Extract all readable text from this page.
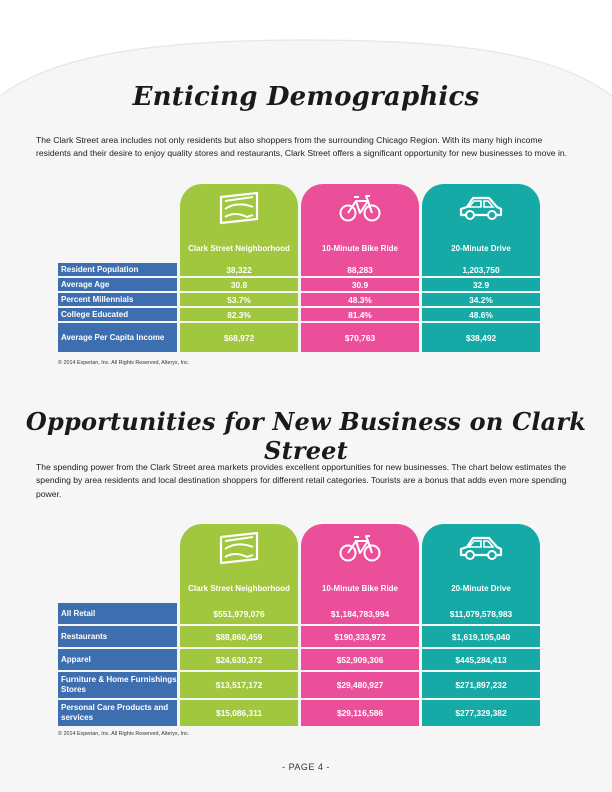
Enticing Demographics
The Clark Street area includes not only residents but also shoppers from the surrounding Chicago Region. With its many high income residents and their desire to enjoy quality stores and restaurants, Clark Street offers a significant opportunity for new businesses to move in.
Clark Street Neighborhood	10-Minute Bike Ride	20-Minute Drive
Resident Population	38,322	88,283	1,203,750
Average Age	30.8	30.9	32.9
Percent Millennials	53.7%	48.3%	34.2%
College Educated	82.3%	81.4%	48.6%
Average Per Capita Income	$68,972	$70,763	$38,492
© 2014 Experian, Inc. All Rights Reserved, Alteryx, Inc.
Opportunities for New Business on Clark Street
The spending power from the Clark Street area markets provides excellent opportunities for new businesses. The chart below estimates the spending by area residents and local destination shoppers for different retail categories. Tourists are a bonus that adds even more spending power.
Clark Street Neighborhood	10-Minute Bike Ride	20-Minute Drive
All Retail	$551,979,076	$1,184,783,994	$11,079,578,983
Restaurants	$88,860,459	$190,333,972	$1,619,105,040
Apparel	$24,630,372	$52,909,306	$445,284,413
Furniture & Home Furnishings Stores	$13,517,172	$29,480,927	$271,897,232
Personal Care Products and services	$15,086,311	$29,116,586	$277,329,382
© 2014 Experian, Inc. All Rights Reserved, Alteryx, Inc.
- PAGE 4 -
